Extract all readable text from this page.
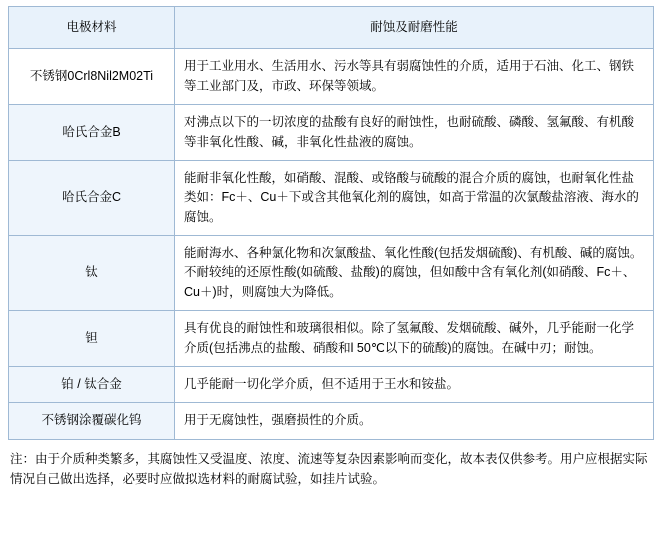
电极材料	耐蚀及耐磨性能
不锈钢0Crl8Nil2M02Ti	用于工业用水、生活用水、污水等具有弱腐蚀性的介质，适用于石油、化工、钢铁等工业部门及，市政、环保等领域。
哈氏合金B	对沸点以下的一切浓度的盐酸有良好的耐蚀性，也耐硫酸、磷酸、氢氟酸、有机酸等非氧化性酸、碱，非氧化性盐液的腐蚀。
哈氏合金C	能耐非氧化性酸，如硝酸、混酸、或铬酸与硫酸的混合介质的腐蚀，也耐氧化性盐类如：Fc＋、Cu＋下或含其他氧化剂的腐蚀，如高于常温的次氯酸盐溶液、海水的腐蚀。
钛	能耐海水、各种氯化物和次氯酸盐、氧化性酸(包括发烟硫酸)、有机酸、碱的腐蚀。不耐较纯的还原性酸(如硫酸、盐酸)的腐蚀，但如酸中含有氧化剂(如硝酸、Fc＋、Cu＋)时，则腐蚀大为降低。
钽	具有优良的耐蚀性和玻璃很相似。除了氢氟酸、发烟硫酸、碱外，几乎能耐一化学介质(包括沸点的盐酸、硝酸和l 50℃以下的硫酸)的腐蚀。在碱中刃；耐蚀。
铂 / 钛合金	几乎能耐一切化学介质，但不适用于王水和铵盐。
不锈钢涂覆碳化钨	用于无腐蚀性，强磨损性的介质。
注：由于介质种类繁多，其腐蚀性又受温度、浓度、流速等复杂因素影响而变化，故本表仅供参考。用户应根据实际情况自己做出选择，必要时应做拟选材料的耐腐试验，如挂片试验。
